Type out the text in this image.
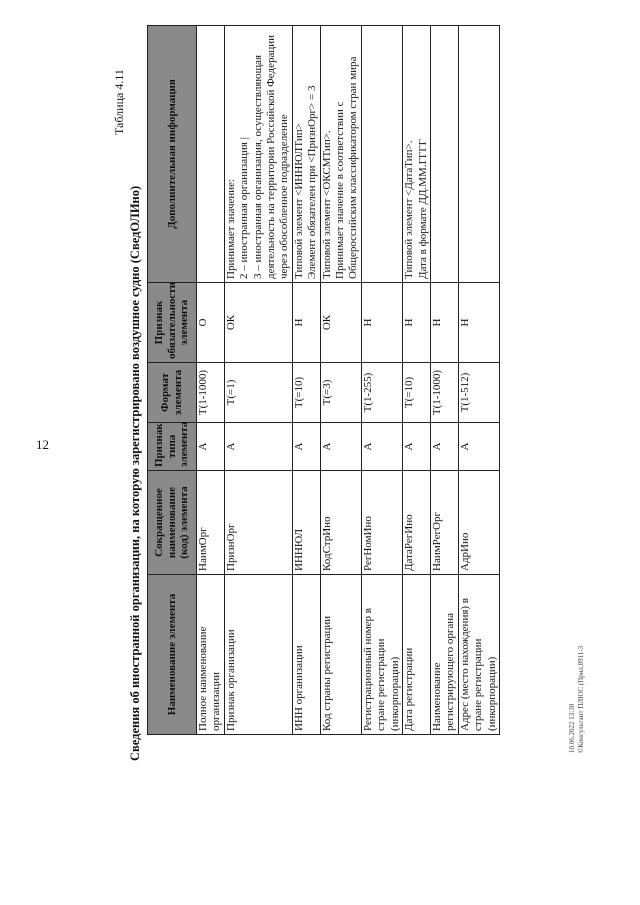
12
Таблица 4.11
Сведения об иностранной организации, на которую зарегистрировано воздушное судно (СведОЛИно) Наименование элемента	Сокращенное наименование (код) элемента	Признак типа элемента	Формат элемента	Признак обязательности элемента	Дополнительная информация
Полное наименование организации	НаимОрг	А	T(1-1000)	О	
Признак организации	ПризнОрг	А	T(=1)	ОК	Принимает значение: 2 – иностранная организация | 3 – иностранная организация, осуществляющая деятельность на территории Российской Федерации через обособленное подразделение

ИНН организации	ИННЮЛ	А	T(=10)	Н	Типовой элемент <ИННЮЛТип> Элемент обязателен при <ПризнОрг> = 3

Код страны регистрации	КодСтрИно	А	T(=3)	ОК	Типовой элемент <ОКСМТип>. Принимает значение в соответствии с Общероссийским классификатором стран мира

Регистрационный номер в стране регистрации (инкорпорации)	РегНомИно	А	T(1-255)	Н	
Дата регистрации	ДатаРегИно	А	T(=10)	Н	Типовой элемент <ДатаТип>. Дата в формате ДД.ММ.ГГГГ

Наименование регистрирующего органа	НаимРегОрг	А	T(1-1000)	Н	
Адрес (место нахождения) в стране регистрации (инкорпорации)	АдрИно	А	T(1-512)	Н	
10.06.2022 13:30 ©Консультант ПЛЮС (Прил.8911-3
